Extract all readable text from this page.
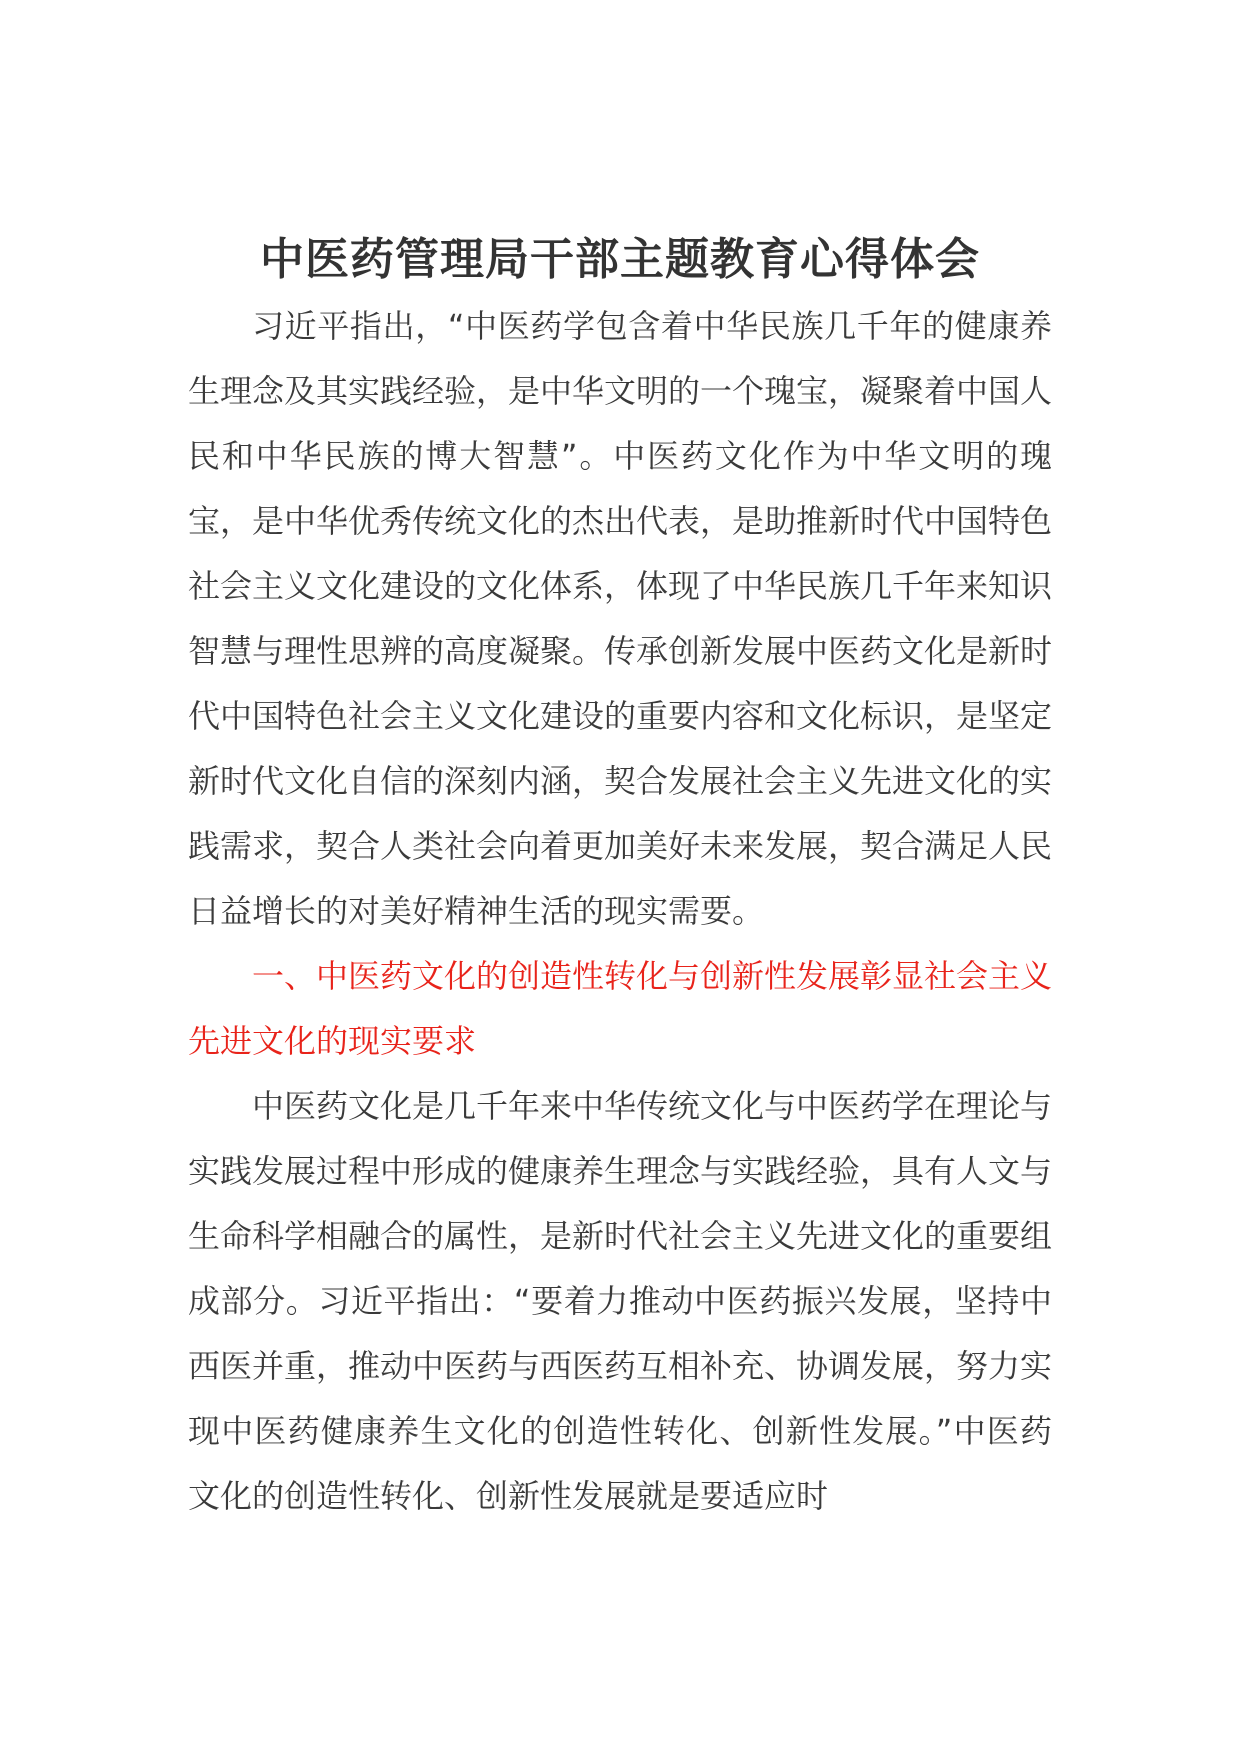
中医药管理局干部主题教育心得体会

习近平指出，“中医药学包含着中华民族几千年的健康养生理念及其实践经验，是中华文明的一个瑰宝，凝聚着中国人民和中华民族的博大智慧”。中医药文化作为中华文明的瑰宝，是中华优秀传统文化的杰出代表，是助推新时代中国特色社会主义文化建设的文化体系，体现了中华民族几千年来知识智慧与理性思辨的高度凝聚。传承创新发展中医药文化是新时代中国特色社会主义文化建设的重要内容和文化标识，是坚定新时代文化自信的深刻内涵，契合发展社会主义先进文化的实践需求，契合人类社会向着更加美好未来发展，契合满足人民日益增长的对美好精神生活的现实需要。

一、中医药文化的创造性转化与创新性发展彰显社会主义先进文化的现实要求

中医药文化是几千年来中华传统文化与中医药学在理论与实践发展过程中形成的健康养生理念与实践经验，具有人文与生命科学相融合的属性，是新时代社会主义先进文化的重要组成部分。习近平指出：“要着力推动中医药振兴发展，坚持中西医并重，推动中医药与西医药互相补充、协调发展，努力实现中医药健康养生文化的创造性转化、创新性发展。”中医药文化的创造性转化、创新性发展就是要适应时
